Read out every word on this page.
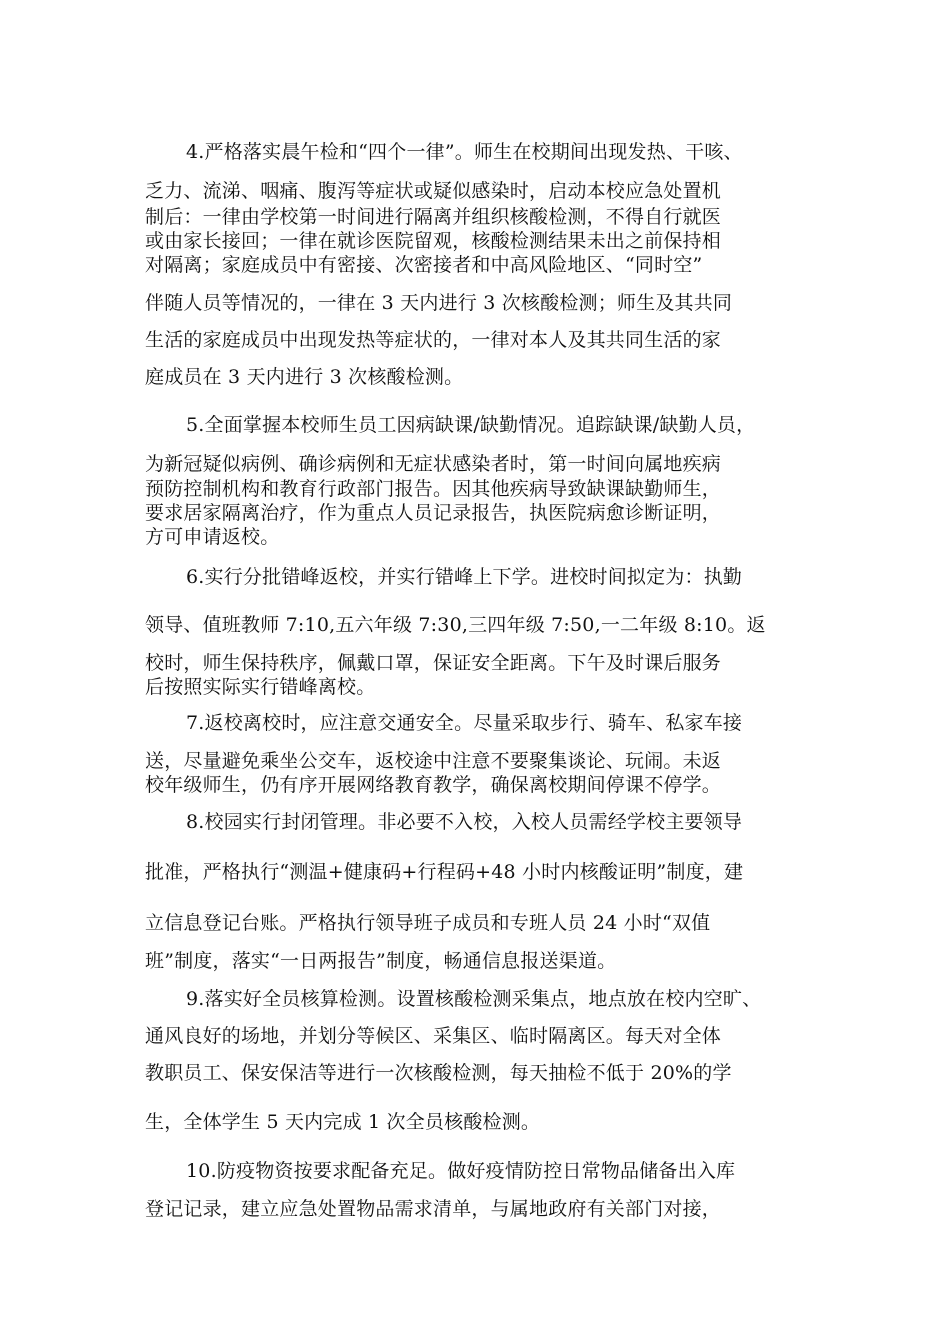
4.严格落实晨午检和“四个一律”。师生在校期间出现发热、干咳、
乏力、流涕、咽痛、腹泻等症状或疑似感染时，启动本校应急处置机
制后：一律由学校第一时间进行隔离并组织核酸检测，不得自行就医
或由家长接回；一律在就诊医院留观，核酸检测结果未出之前保持相
对隔离；家庭成员中有密接、次密接者和中高风险地区、“同时空”
伴随人员等情况的，一律在 3 天内进行 3 次核酸检测；师生及其共同
生活的家庭成员中出现发热等症状的，一律对本人及其共同生活的家
庭成员在 3 天内进行 3 次核酸检测。
5.全面掌握本校师生员工因病缺课/缺勤情况。追踪缺课/缺勤人员，
为新冠疑似病例、确诊病例和无症状感染者时，第一时间向属地疾病
预防控制机构和教育行政部门报告。因其他疾病导致缺课缺勤师生，
要求居家隔离治疗，作为重点人员记录报告，执医院病愈诊断证明，
方可申请返校。
6.实行分批错峰返校，并实行错峰上下学。进校时间拟定为：执勤
领导、值班教师 7:10,五六年级 7:30,三四年级 7:50,一二年级 8:10。返
校时，师生保持秩序，佩戴口罩，保证安全距离。下午及时课后服务
后按照实际实行错峰离校。
7.返校离校时，应注意交通安全。尽量采取步行、骑车、私家车接
送，尽量避免乘坐公交车，返校途中注意不要聚集谈论、玩闹。未返
校年级师生，仍有序开展网络教育教学，确保离校期间停课不停学。
8.校园实行封闭管理。非必要不入校，入校人员需经学校主要领导
批准，严格执行“测温+健康码+行程码+48 小时内核酸证明”制度，建
立信息登记台账。严格执行领导班子成员和专班人员 24 小时“双值
班”制度，落实“一日两报告”制度，畅通信息报送渠道。
9.落实好全员核算检测。设置核酸检测采集点，地点放在校内空旷、
通风良好的场地，并划分等候区、采集区、临时隔离区。每天对全体
教职员工、保安保洁等进行一次核酸检测，每天抽检不低于 20%的学
生，全体学生 5 天内完成 1 次全员核酸检测。
10.防疫物资按要求配备充足。做好疫情防控日常物品储备出入库
登记记录，建立应急处置物品需求清单，与属地政府有关部门对接，
